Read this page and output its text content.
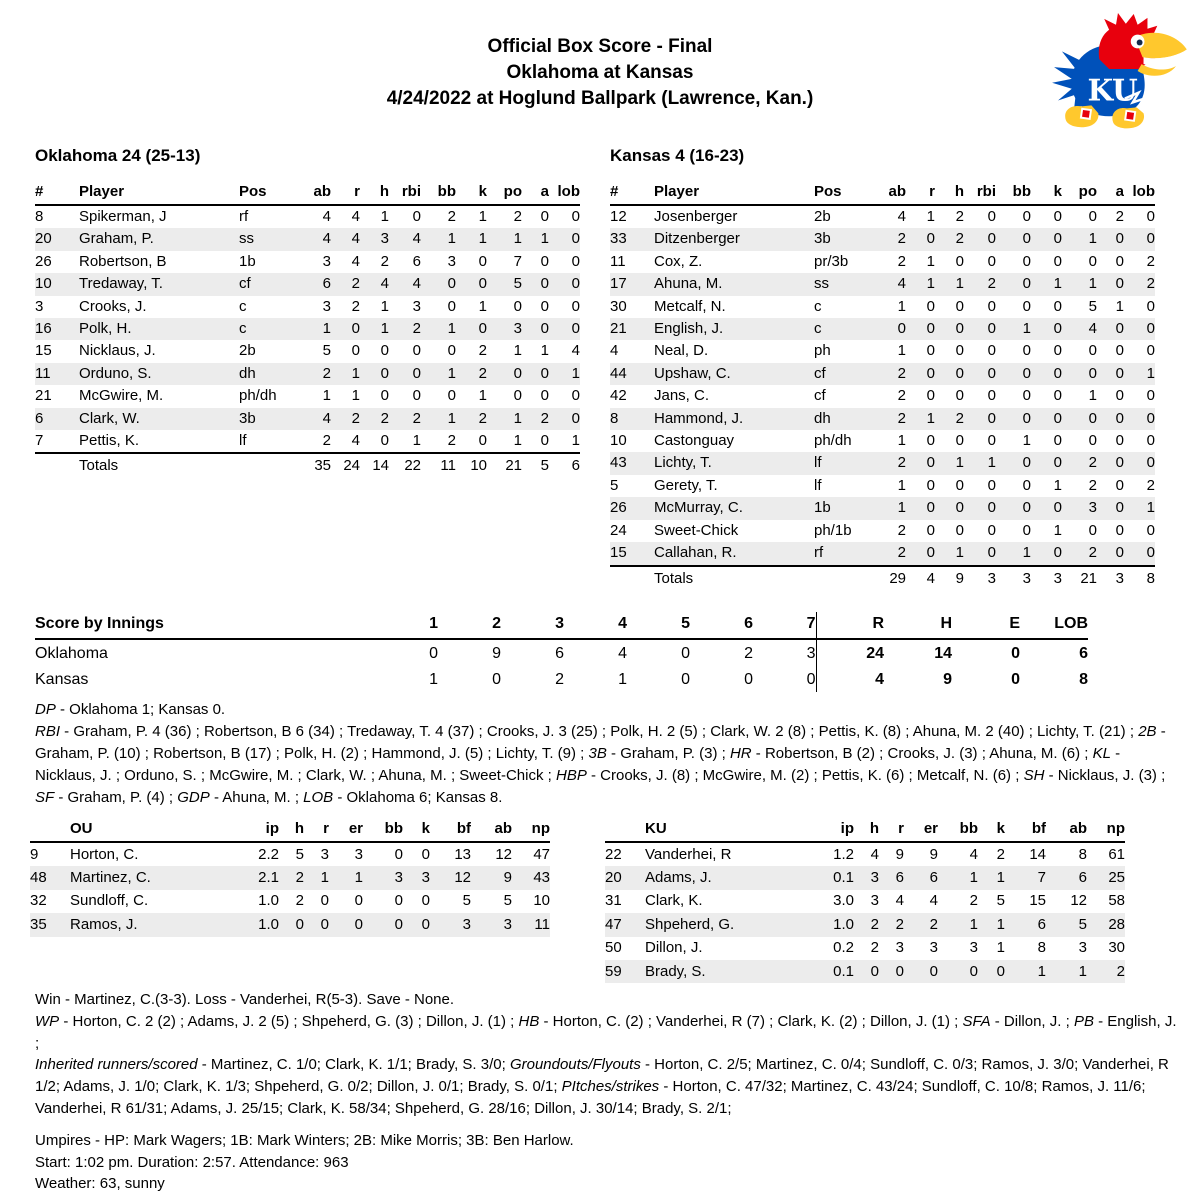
Official Box Score - Final
Oklahoma at Kansas
4/24/2022 at Hoglund Ballpark (Lawrence, Kan.)	KU
Oklahoma 24 (25-13)
#	Player	Pos	ab	r	h	rbi	bb	k	po	a	lob
8	Spikerman, J	rf	4	4	1	0	2	1	2	0	0
20	Graham, P.	ss	4	4	3	4	1	1	1	1	0
26	Robertson, B	1b	3	4	2	6	3	0	7	0	0
10	Tredaway, T.	cf	6	2	4	4	0	0	5	0	0
3	Crooks, J.	c	3	2	1	3	0	1	0	0	0
16	Polk, H.	c	1	0	1	2	1	0	3	0	0
15	Nicklaus, J.	2b	5	0	0	0	0	2	1	1	4
11	Orduno, S.	dh	2	1	0	0	1	2	0	0	1
21	McGwire, M.	ph/dh	1	1	0	0	0	1	0	0	0
6	Clark, W.	3b	4	2	2	2	1	2	1	2	0
7	Pettis, K.	lf	2	4	0	1	2	0	1	0	1
	Totals		35	24	14	22	11	10	21	5	6
Kansas 4 (16-23)
#	Player	Pos	ab	r	h	rbi	bb	k	po	a	lob
12	Josenberger	2b	4	1	2	0	0	0	0	2	0
33	Ditzenberger	3b	2	0	2	0	0	0	1	0	0
11	Cox, Z.	pr/3b	2	1	0	0	0	0	0	0	2
17	Ahuna, M.	ss	4	1	1	2	0	1	1	0	2
30	Metcalf, N.	c	1	0	0	0	0	0	5	1	0
21	English, J.	c	0	0	0	0	1	0	4	0	0
4	Neal, D.	ph	1	0	0	0	0	0	0	0	0
44	Upshaw, C.	cf	2	0	0	0	0	0	0	0	1
42	Jans, C.	cf	2	0	0	0	0	0	1	0	0
8	Hammond, J.	dh	2	1	2	0	0	0	0	0	0
10	Castonguay	ph/dh	1	0	0	0	1	0	0	0	0
43	Lichty, T.	lf	2	0	1	1	0	0	2	0	0
5	Gerety, T.	lf	1	0	0	0	0	1	2	0	2
26	McMurray, C.	1b	1	0	0	0	0	0	3	0	1
24	Sweet-Chick	ph/1b	2	0	0	0	0	1	0	0	0
15	Callahan, R.	rf	2	0	1	0	1	0	2	0	0
	Totals		29	4	9	3	3	3	21	3	8
Score by Innings	1	2	3	4	5	6	7	R	H	E	LOB
Oklahoma	0	9	6	4	0	2	3	24	14	0	6
Kansas	1	0	2	1	0	0	0	4	9	0	8
DP - Oklahoma 1; Kansas 0.
RBI - Graham, P. 4 (36) ; Robertson, B 6 (34) ; Tredaway, T. 4 (37) ; Crooks, J. 3 (25) ; Polk, H. 2 (5) ; Clark, W. 2 (8) ; Pettis, K. (8) ; Ahuna, M. 2 (40) ; Lichty, T. (21) ; 2B - Graham, P. (10) ; Robertson, B (17) ; Polk, H. (2) ; Hammond, J. (5) ; Lichty, T. (9) ; 3B - Graham, P. (3) ; HR - Robertson, B (2) ; Crooks, J. (3) ; Ahuna, M. (6) ; KL - Nicklaus, J. ; Orduno, S. ; McGwire, M. ; Clark, W. ; Ahuna, M. ; Sweet-Chick ; HBP - Crooks, J. (8) ; McGwire, M. (2) ; Pettis, K. (6) ; Metcalf, N. (6) ; SH - Nicklaus, J. (3) ; SF - Graham, P. (4) ; GDP - Ahuna, M. ; LOB - Oklahoma 6; Kansas 8.
	OU	ip	h	r	er	bb	k	bf	ab	np
9	Horton, C.	2.2	5	3	3	0	0	13	12	47
48	Martinez, C.	2.1	2	1	1	3	3	12	9	43
32	Sundloff, C.	1.0	2	0	0	0	0	5	5	10
35	Ramos, J.	1.0	0	0	0	0	0	3	3	11
	KU	ip	h	r	er	bb	k	bf	ab	np
22	Vanderhei, R	1.2	4	9	9	4	2	14	8	61
20	Adams, J.	0.1	3	6	6	1	1	7	6	25
31	Clark, K.	3.0	3	4	4	2	5	15	12	58
47	Shpeherd, G.	1.0	2	2	2	1	1	6	5	28
50	Dillon, J.	0.2	2	3	3	3	1	8	3	30
59	Brady, S.	0.1	0	0	0	0	0	1	1	2
Win - Martinez, C.(3-3). Loss - Vanderhei, R(5-3). Save - None.
WP - Horton, C. 2 (2) ; Adams, J. 2 (5) ; Shpeherd, G. (3) ; Dillon, J. (1) ; HB - Horton, C. (2) ; Vanderhei, R (7) ; Clark, K. (2) ; Dillon, J. (1) ; SFA - Dillon, J. ; PB - English, J. ;
Inherited runners/scored - Martinez, C. 1/0; Clark, K. 1/1; Brady, S. 3/0; Groundouts/Flyouts - Horton, C. 2/5; Martinez, C. 0/4; Sundloff, C. 0/3; Ramos, J. 3/0; Vanderhei, R 1/2; Adams, J. 1/0; Clark, K. 1/3; Shpeherd, G. 0/2; Dillon, J. 0/1; Brady, S. 0/1; PItches/strikes - Horton, C. 47/32; Martinez, C. 43/24; Sundloff, C. 10/8; Ramos, J. 11/6; Vanderhei, R 61/31; Adams, J. 25/15; Clark, K. 58/34; Shpeherd, G. 28/16; Dillon, J. 30/14; Brady, S. 2/1;
Umpires - HP: Mark Wagers; 1B: Mark Winters; 2B: Mike Morris; 3B: Ben Harlow.
Start: 1:02 pm. Duration: 2:57. Attendance: 963
Weather: 63, sunny
